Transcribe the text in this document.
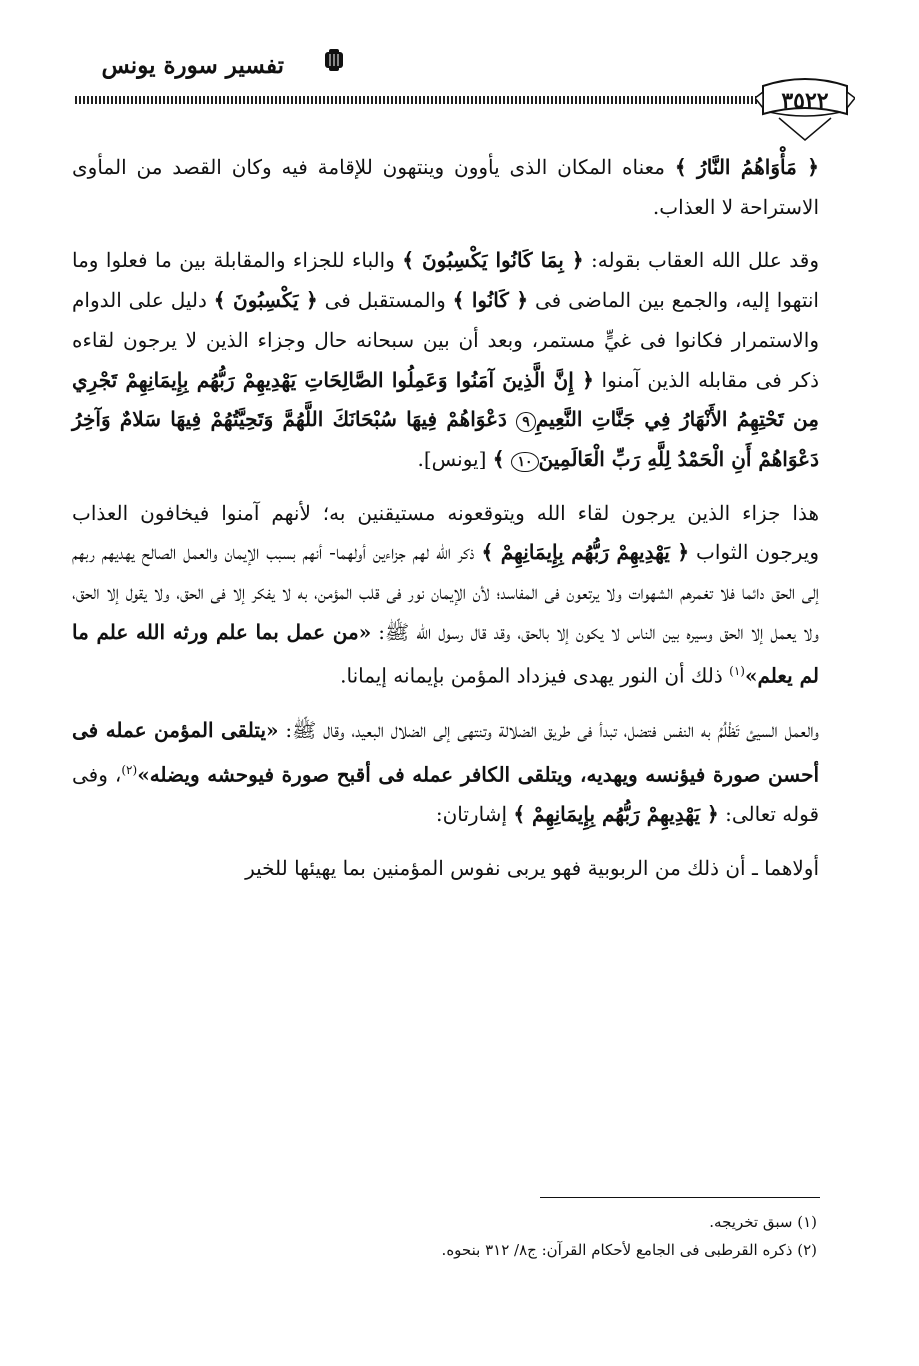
تفسير سورة يونس
٣٥٢٢

﴿ مَأْوَاهُمُ النَّارُ ﴾ معناه المكان الذى يأوون وينتهون للإقامة فيه وكان القصد من المأوى الاستراحة لا العذاب.

وقد علل الله العقاب بقوله: ﴿ بِمَا كَانُوا يَكْسِبُونَ ﴾ والباء للجزاء والمقابلة بين ما فعلوا وما انتهوا إليه، والجمع بين الماضى فى ﴿ كَانُوا ﴾ والمستقبل فى ﴿ يَكْسِبُونَ ﴾ دليل على الدوام والاستمرار فكانوا فى غيٍّ مستمر، وبعد أن بين سبحانه حال وجزاء الذين لا يرجون لقاءه ذكر فى مقابله الذين آمنوا ﴿ إِنَّ الَّذِينَ آمَنُوا وَعَمِلُوا الصَّالِحَاتِ يَهْدِيهِمْ رَبُّهُم بِإِيمَانِهِمْ تَجْرِي مِن تَحْتِهِمُ الأَنْهَارُ فِي جَنَّاتِ النَّعِيمِ٩ دَعْوَاهُمْ فِيهَا سُبْحَانَكَ اللَّهُمَّ وَتَحِيَّتُهُمْ فِيهَا سَلامٌ وَآخِرُ دَعْوَاهُمْ أَنِ الْحَمْدُ لِلَّهِ رَبِّ الْعَالَمِينَ١٠ ﴾ [يونس].

هذا جزاء الذين يرجون لقاء الله ويتوقعونه مستيقنين به؛ لأنهم آمنوا فيخافون العذاب ويرجون الثواب ﴿ يَهْدِيهِمْ رَبُّهُم بِإِيمَانِهِمْ ﴾ ذكر الله لهم جزاءين أولهما- أنهم بسبب الإيمان والعمل الصالح يهديهم ربهم إلى الحق دائما فلا تغمرهم الشهوات ولا يرتعون فى المفاسد؛ لأن الإيمان نور فى قلب المؤمن، به لا يفكر إلا فى الحق، ولا يقول إلا الحق، ولا يعمل إلا الحق وسيره بين الناس لا يكون إلا بالحق، وقد قال رسول الله ﷺ: «من عمل بما علم ورثه الله علم ما لم يعلم»$^{(١)}$ ذلك أن النور يهدى فيزداد المؤمن بإيمانه إيمانا.

والعمل السيئ تَظْلُمُ به النفس فتضل، تبدأ فى طريق الضلالة وتنتهى إلى الضلال البعيد، وقال ﷺ: «يتلقى المؤمن عمله فى أحسن صورة فيؤنسه ويهديه، ويتلقى الكافر عمله فى أقبح صورة فيوحشه ويضله»$^{(٢)}$، وفى قوله تعالى: ﴿ يَهْدِيهِمْ رَبُّهُم بِإِيمَانِهِمْ ﴾ إشارتان:

أولاهما ـ أن ذلك من الربوبية فهو يربى نفوس المؤمنين بما يهيئها للخير

(١) سبق تخريجه.

(٢) ذكره القرطبى فى الجامع لأحكام القرآن: ج٨/ ٣١٢ بنحوه.
